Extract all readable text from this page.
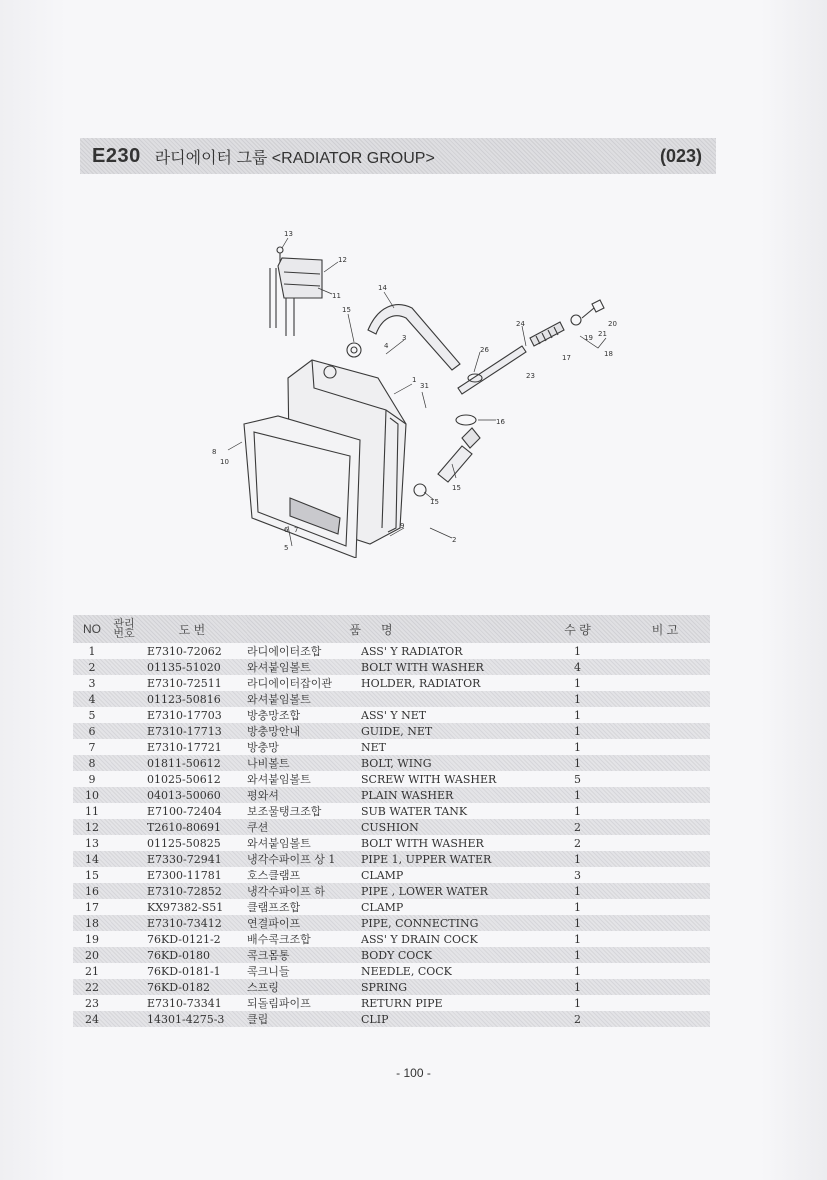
E230 라디에이터 그룹 <RADIATOR GROUP>	(023)
13
12
11
14
15
3
4
1
31
26
24
23
17
19 21
20
18
16
15
15
9
2
8
10
6 7
5
NO	관리번호	도 번	품	명	수 량	비 고
1		E7310-72062	라디에이터조합	ASS' Y RADIATOR	1	
2		01135-51020	와셔붙임볼트	BOLT WITH WASHER	4	
3		E7310-72511	라디에이터잡이관	HOLDER, RADIATOR	1	
4		01123-50816	와셔붙임볼트		1	
5		E7310-17703	방충망조합	ASS' Y NET	1	
6		E7310-17713	방충망안내	GUIDE, NET	1	
7		E7310-17721	방충망	NET	1	
8		01811-50612	나비볼트	BOLT, WING	1	
9		01025-50612	와셔붙임볼트	SCREW WITH WASHER	5	
10		04013-50060	평와셔	PLAIN WASHER	1	
11		E7100-72404	보조물탱크조합	SUB WATER TANK	1	
12		T2610-80691	쿠션	CUSHION	2	
13		01125-50825	와셔붙임볼트	BOLT WITH WASHER	2	
14		E7330-72941	냉각수파이프 상 1	PIPE 1, UPPER WATER	1	
15		E7300-11781	호스클램프	CLAMP	3	
16		E7310-72852	냉각수파이프 하	PIPE , LOWER WATER	1	
17		KX97382-S51	클램프조합	CLAMP	1	
18		E7310-73412	연결파이프	PIPE, CONNECTING	1	
19		76KD-0121-2	배수콕크조합	ASS' Y DRAIN COCK	1	
20		76KD-0180	콕크몸통	BODY COCK	1	
21		76KD-0181-1	콕크니들	NEEDLE, COCK	1	
22		76KD-0182	스프링	SPRING	1	
23		E7310-73341	되돌림파이프	RETURN PIPE	1	
24		14301-4275-3	클립	CLIP	2	
- 100 -
